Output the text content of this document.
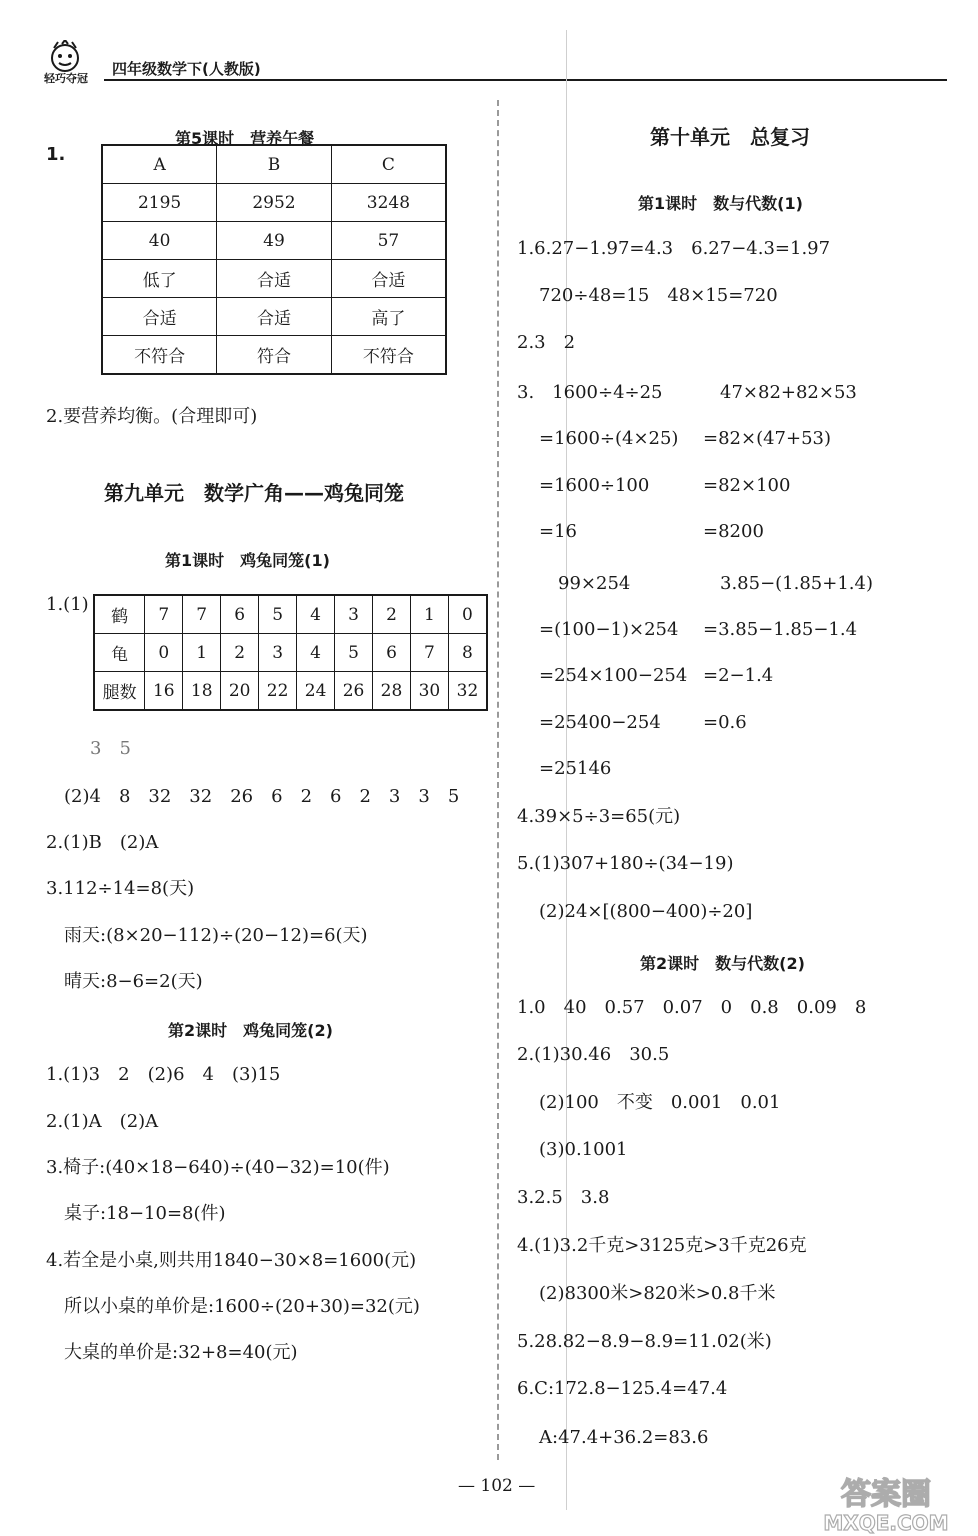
轻巧夺冠
四年级数学下(人教版)
第5课时　营养午餐
1.	A	B	C
2195	2952	3248
40	49	57
低了	合适	合适
合适	合适	高了
不符合	符合	不符合
2.要营养均衡。(合理即可)
第九单元　数学广角——鸡兔同笼
第1课时　鸡兔同笼(1)
1.(1)
鹤	7	7	6	5	4	3	2	1	0
龟	0	1	2	3	4	5	6	7	8
腿数	16	18	20	22	24	26	28	30	32
3　5
(2)4　8　32　32　26　6　2　6　2　3　3　5
2.(1)B　(2)A
3.112÷14=8(天)
雨天:(8×20−112)÷(20−12)=6(天)
晴天:8−6=2(天)
第2课时　鸡兔同笼(2)
1.(1)3　2　(2)6　4　(3)15
2.(1)A　(2)A
3.椅子:(40×18−640)÷(40−32)=10(件)
桌子:18−10=8(件)
4.若全是小桌,则共用1840−30×8=1600(元)
所以小桌的单价是:1600÷(20+30)=32(元)
大桌的单价是:32+8=40(元)
第十单元　总复习
第1课时　数与代数(1)
1.6.27−1.97=4.3　6.27−4.3=1.97
720÷48=15　48×15=720
2.3　2
3.　1600÷4÷25	47×82+82×53
=1600÷(4×25) =82×(47+53)
=1600÷100	=82×100
=16	=8200
99×254	3.85−(1.85+1.4)
=(100−1)×254 =3.85−1.85−1.4
=254×100−254 =2−1.4
=25400−254 =0.6
=25146
4.39×5÷3=65(元)
5.(1)307+180÷(34−19)
(2)24×[(800−400)÷20]
第2课时　数与代数(2)
1.0　40　0.57　0.07　0　0.8　0.09　8
2.(1)30.46　30.5
(2)100　不变　0.001　0.01
(3)0.1001
3.2.5　3.8
4.(1)3.2千克>3125克>3千克26克
(2)8300米>820米>0.8千米
5.28.82−8.9−8.9=11.02(米)
6.C:172.8−125.4=47.4
A:47.4+36.2=83.6
— 102 —	答案圈
MXQE.COM
